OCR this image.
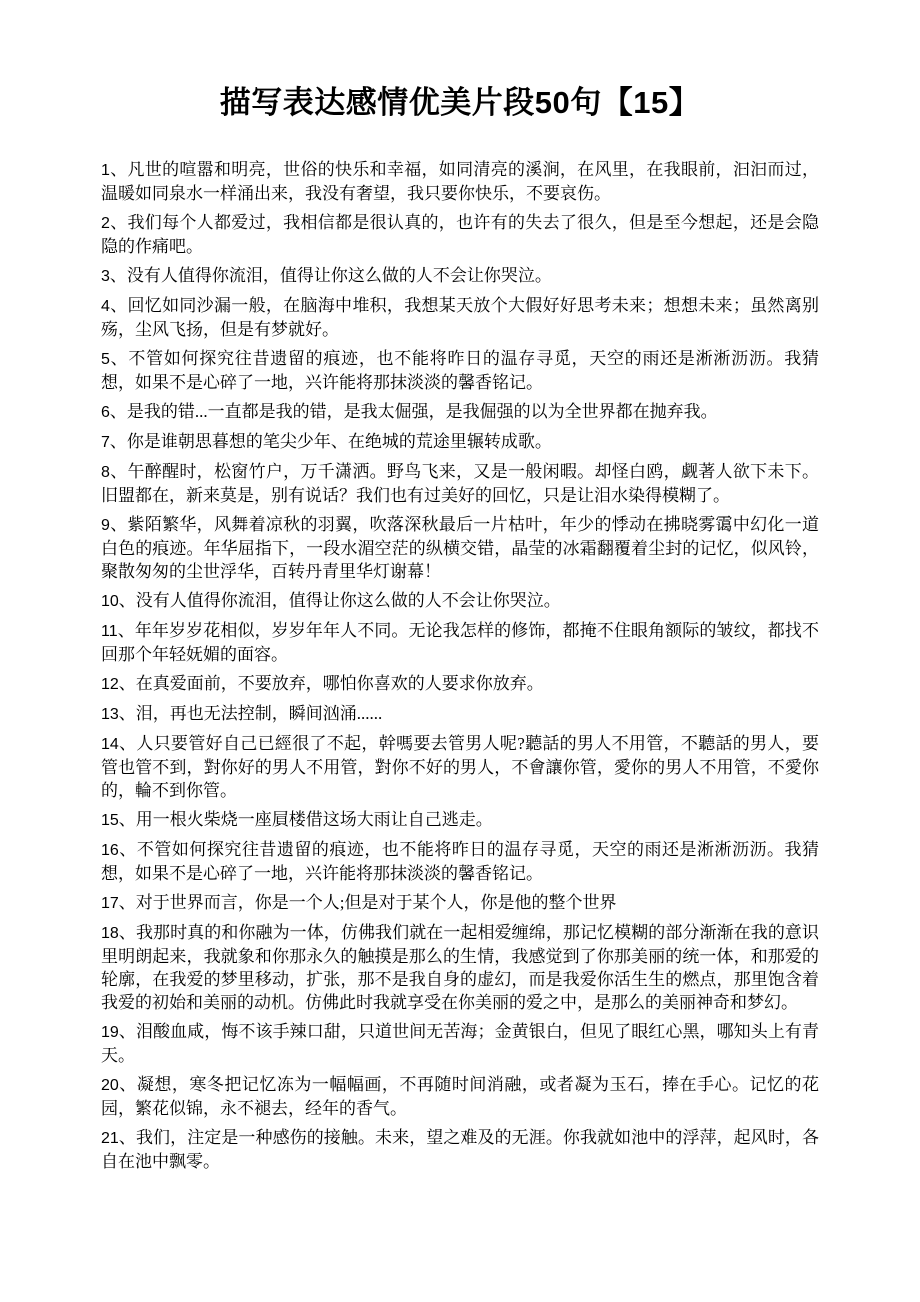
描写表达感情优美片段50句【15】

1、凡世的喧嚣和明亮，世俗的快乐和幸福，如同清亮的溪涧，在风里，在我眼前，汩汩而过，温暖如同泉水一样涌出来，我没有奢望，我只要你快乐，不要哀伤。

2、我们每个人都爱过，我相信都是很认真的，也许有的失去了很久，但是至今想起，还是会隐隐的作痛吧。

3、没有人值得你流泪，值得让你这么做的人不会让你哭泣。

4、回忆如同沙漏一般，在脑海中堆积，我想某天放个大假好好思考未来；想想未来；虽然离别殇，尘风飞扬，但是有梦就好。

5、不管如何探究往昔遗留的痕迹，也不能将昨日的温存寻觅，天空的雨还是淅淅沥沥。我猜想，如果不是心碎了一地，兴许能将那抹淡淡的馨香铭记。

6、是我的错...一直都是我的错，是我太倔强，是我倔强的以为全世界都在抛弃我。

7、你是谁朝思暮想的笔尖少年、在绝城的荒途里辗转成歌。

8、午醉醒时，松窗竹户，万千潇洒。野鸟飞来，又是一般闲暇。却怪白鸥，觑著人欲下未下。旧盟都在，新来莫是，别有说话？我们也有过美好的回忆，只是让泪水染得模糊了。

9、紫陌繁华，风舞着凉秋的羽翼，吹落深秋最后一片枯叶，年少的悸动在拂晓雾霭中幻化一道白色的痕迹。年华屈指下，一段水湄空茫的纵横交错，晶莹的冰霜翻覆着尘封的记忆，似风铃，聚散匆匆的尘世浮华，百转丹青里华灯谢幕！

10、没有人值得你流泪，值得让你这么做的人不会让你哭泣。

11、年年岁岁花相似，岁岁年年人不同。无论我怎样的修饰，都掩不住眼角额际的皱纹，都找不回那个年轻妩媚的面容。

12、在真爱面前，不要放弃，哪怕你喜欢的人要求你放弃。

13、泪，再也无法控制，瞬间汹涌......

14、人只要管好自己已經很了不起，幹嗎要去管男人呢?聽話的男人不用管，不聽話的男人，要管也管不到，對你好的男人不用管，對你不好的男人，不會讓你管，愛你的男人不用管，不愛你的，輪不到你管。

15、用一根火柴烧一座屓楼借这场大雨让自己逃走。

16、不管如何探究往昔遗留的痕迹，也不能将昨日的温存寻觅，天空的雨还是淅淅沥沥。我猜想，如果不是心碎了一地，兴许能将那抹淡淡的馨香铭记。

17、对于世界而言，你是一个人;但是对于某个人，你是他的整个世界

18、我那时真的和你融为一体，仿佛我们就在一起相爱缠绵，那记忆模糊的部分渐渐在我的意识里明朗起来，我就象和你那永久的触摸是那么的生情，我感觉到了你那美丽的统一体，和那爱的轮廓，在我爱的梦里移动，扩张，那不是我自身的虚幻，而是我爱你活生生的燃点，那里饱含着我爱的初始和美丽的动机。仿佛此时我就享受在你美丽的爱之中，是那么的美丽神奇和梦幻。

19、泪酸血咸，悔不该手辣口甜，只道世间无苦海；金黄银白，但见了眼红心黑，哪知头上有青天。

20、凝想，寒冬把记忆冻为一幅幅画，不再随时间消融，或者凝为玉石，捧在手心。记忆的花园，繁花似锦，永不褪去，经年的香气。

21、我们，注定是一种感伤的接触。未来，望之难及的无涯。你我就如池中的浮萍，起风时，各自在池中飘零。
